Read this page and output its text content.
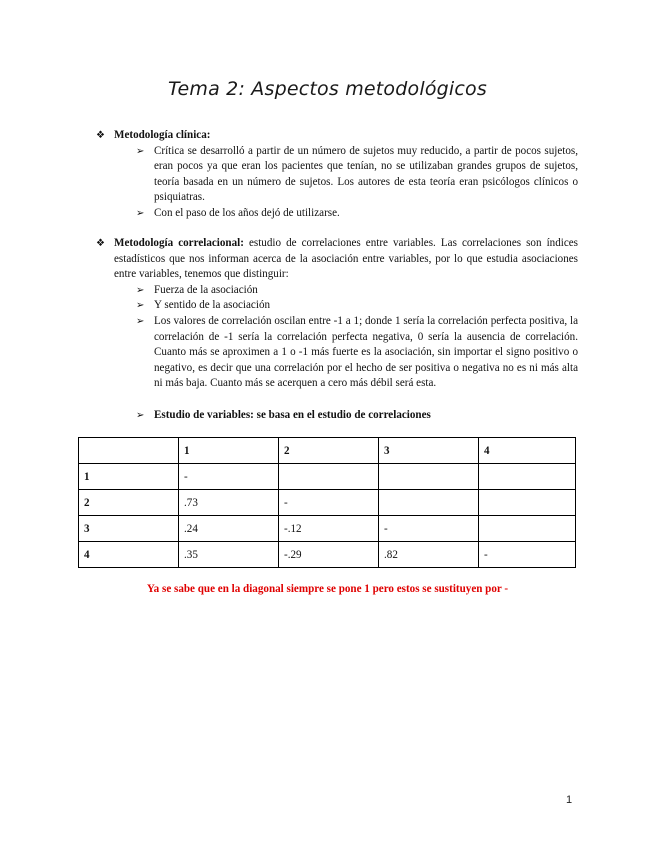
Tema 2: Aspectos metodológicos
❖ Metodología clínica:
➢ Crítica se desarrolló a partir de un número de sujetos muy reducido, a partir de pocos sujetos, eran pocos ya que eran los pacientes que tenían, no se utilizaban grandes grupos de sujetos, teoría basada en un número de sujetos. Los autores de esta teoría eran psicólogos clínicos o psiquiatras.
➢ Con el paso de los años dejó de utilizarse.
❖ Metodología correlacional: estudio de correlaciones entre variables. Las correlaciones son índices estadísticos que nos informan acerca de la asociación entre variables, por lo que estudia asociaciones entre variables, tenemos que distinguir:
➢ Fuerza de la asociación
➢ Y sentido de la asociación
➢ Los valores de correlación oscilan entre -1 a 1; donde 1 sería la correlación perfecta positiva, la correlación de -1 sería la correlación perfecta negativa, 0 sería la ausencia de correlación. Cuanto más se aproximen a 1 o -1 más fuerte es la asociación, sin importar el signo positivo o negativo, es decir que una correlación por el hecho de ser positiva o negativa no es ni más alta ni más baja. Cuanto más se acerquen a cero más débil será esta.
➢ Estudio de variables: se basa en el estudio de correlaciones
	1	2	3	4
1	-			
2	.73	-		
3	.24	-.12	-	
4	.35	-.29	.82	-
Ya se sabe que en la diagonal siempre se pone 1 pero estos se sustituyen por -
1
